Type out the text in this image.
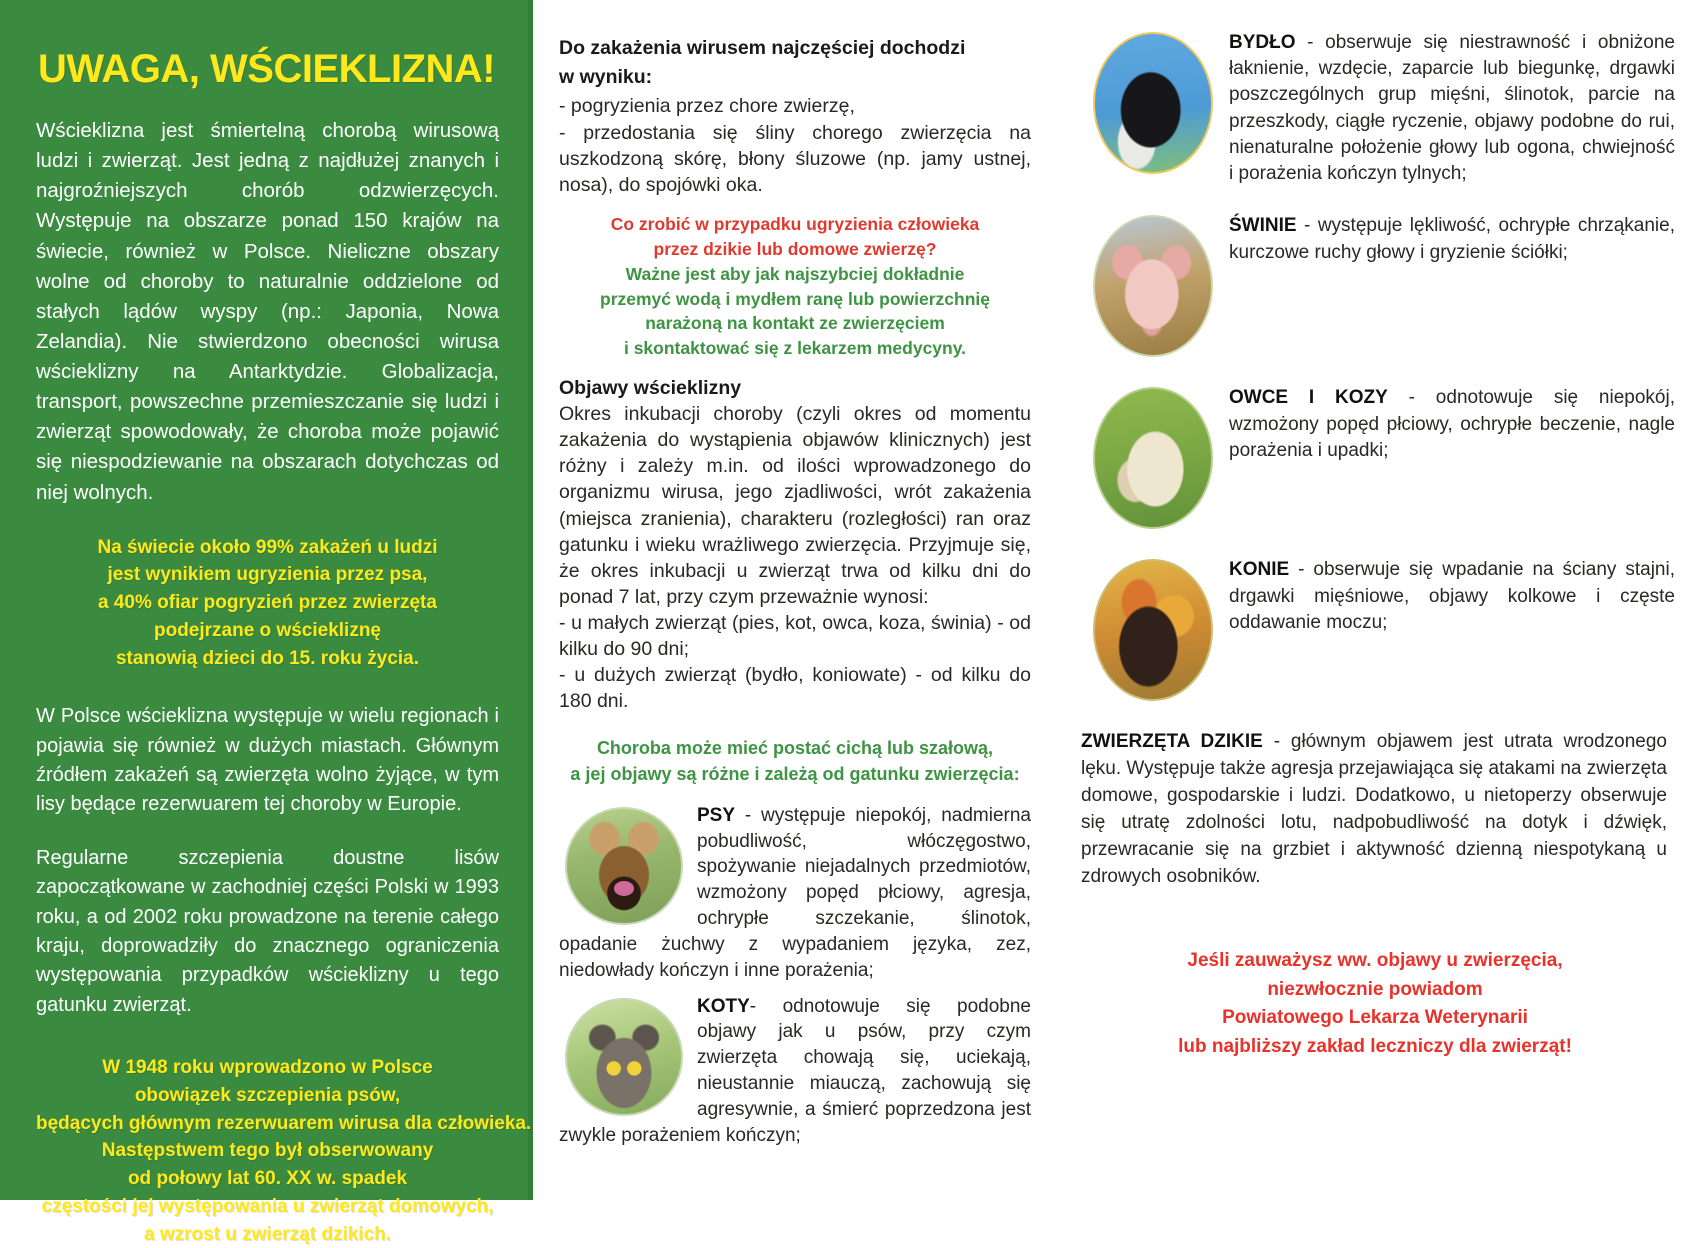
UWAGA, WŚCIEKLIZNA!

Wścieklizna jest śmiertelną chorobą wirusową ludzi i zwierząt. Jest jedną z najdłużej znanych i najgroźniejszych chorób odzwierzęcych. Występuje na obszarze ponad 150 krajów na świecie, również w Polsce. Nieliczne obszary wolne od choroby to naturalnie oddzielone od stałych lądów wyspy (np.: Japonia, Nowa Zelandia). Nie stwierdzono obecności wirusa wścieklizny na Antarktydzie. Globalizacja, transport, powszechne przemieszczanie się ludzi i zwierząt spowodowały, że choroba może pojawić się niespodziewanie na obszarach dotychczas od niej wolnych.

Na świecie około 99% zakażeń u ludzi
jest wynikiem ugryzienia przez psa,
a 40% ofiar pogryzień przez zwierzęta
podejrzane o wściekliznę
stanowią dzieci do 15. roku życia.

W Polsce wścieklizna występuje w wielu regionach i pojawia się również w dużych miastach. Głównym źródłem zakażeń są zwierzęta wolno żyjące, w tym lisy będące rezerwuarem tej choroby w Europie.

Regularne szczepienia doustne lisów zapoczątkowane w zachodniej części Polski w 1993 roku, a od 2002 roku prowadzone na terenie całego kraju, doprowadziły do znacznego ograniczenia występowania przypadków wścieklizny u tego gatunku zwierząt.

W 1948 roku wprowadzono w Polsce
obowiązek szczepienia psów,
będących głównym rezerwuarem wirusa dla człowieka.
Następstwem tego był obserwowany
od połowy lat 60. XX w. spadek
częstości jej występowania u zwierząt domowych,
a wzrost u zwierząt dzikich.
Do zakażenia wirusem najczęściej dochodzi
w wyniku:

- pogryzienia przez chore zwierzę,

- przedostania się śliny chorego zwierzęcia na uszkodzoną skórę, błony śluzowe (np. jamy ustnej, nosa), do spojówki oka.

Co zrobić w przypadku ugryzienia człowieka
przez dzikie lub domowe zwierzę?
Ważne jest aby jak najszybciej dokładnie
przemyć wodą i mydłem ranę lub powierzchnię
narażoną na kontakt ze zwierzęciem
i skontaktować się z lekarzem medycyny.
Objawy wścieklizny

Okres inkubacji choroby (czyli okres od momentu zakażenia do wystąpienia objawów klinicznych) jest różny i zależy m.in. od ilości wprowadzonego do organizmu wirusa, jego zjadliwości, wrót zakażenia (miejsca zranienia), charakteru (rozległości) ran oraz gatunku i wieku wrażliwego zwierzęcia. Przyjmuje się, że okres inkubacji u zwierząt trwa od kilku dni do ponad 7 lat, przy czym przeważnie wynosi:

- u małych zwierząt (pies, kot, owca, koza, świnia) - od kilku do 90 dni;

- u dużych zwierząt (bydło, koniowate) - od kilku do 180 dni.

Choroba może mieć postać cichą lub szałową,
a jej objawy są różne i zależą od gatunku zwierzęcia:
PSY - występuje niepokój, nadmierna pobudliwość, włóczęgostwo, spożywanie niejadalnych przedmiotów, wzmożony popęd płciowy, agresja, ochrypłe szczekanie, ślinotok, opadanie żuchwy z wypadaniem języka, zez, niedowłady kończyn i inne porażenia;
KOTY- odnotowuje się podobne objawy jak u psów, przy czym zwierzęta chowają się, uciekają, nieustannie miauczą, zachowują się agresywnie, a śmierć poprzedzona jest zwykle porażeniem kończyn;
BYDŁO - obserwuje się niestrawność i obniżone łaknienie, wzdęcie, zaparcie lub biegunkę, drgawki poszczególnych grup mięśni, ślinotok, parcie na przeszkody, ciągłe ryczenie, objawy podobne do rui, nienaturalne położenie głowy lub ogona, chwiejność i porażenia kończyn tylnych;
ŚWINIE - występuje lękliwość, ochrypłe chrząkanie, kurczowe ruchy głowy i gryzienie ściółki;
OWCE I KOZY - odnotowuje się niepokój, wzmożony popęd płciowy, ochrypłe beczenie, nagle porażenia i upadki;
KONIE - obserwuje się wpadanie na ściany stajni, drgawki mięśniowe, objawy kolkowe i częste oddawanie moczu;
ZWIERZĘTA DZIKIE - głównym objawem jest utrata wrodzonego lęku. Występuje także agresja przejawiająca się atakami na zwierzęta domowe, gospodarskie i ludzi. Dodatkowo, u nietoperzy obserwuje się utratę zdolności lotu, nadpobudliwość na dotyk i dźwięk, przewracanie się na grzbiet i aktywność dzienną niespotykaną u zdrowych osobników.
Jeśli zauważysz ww. objawy u zwierzęcia,
niezwłocznie powiadom
Powiatowego Lekarza Weterynarii
lub najbliższy zakład leczniczy dla zwierząt!
